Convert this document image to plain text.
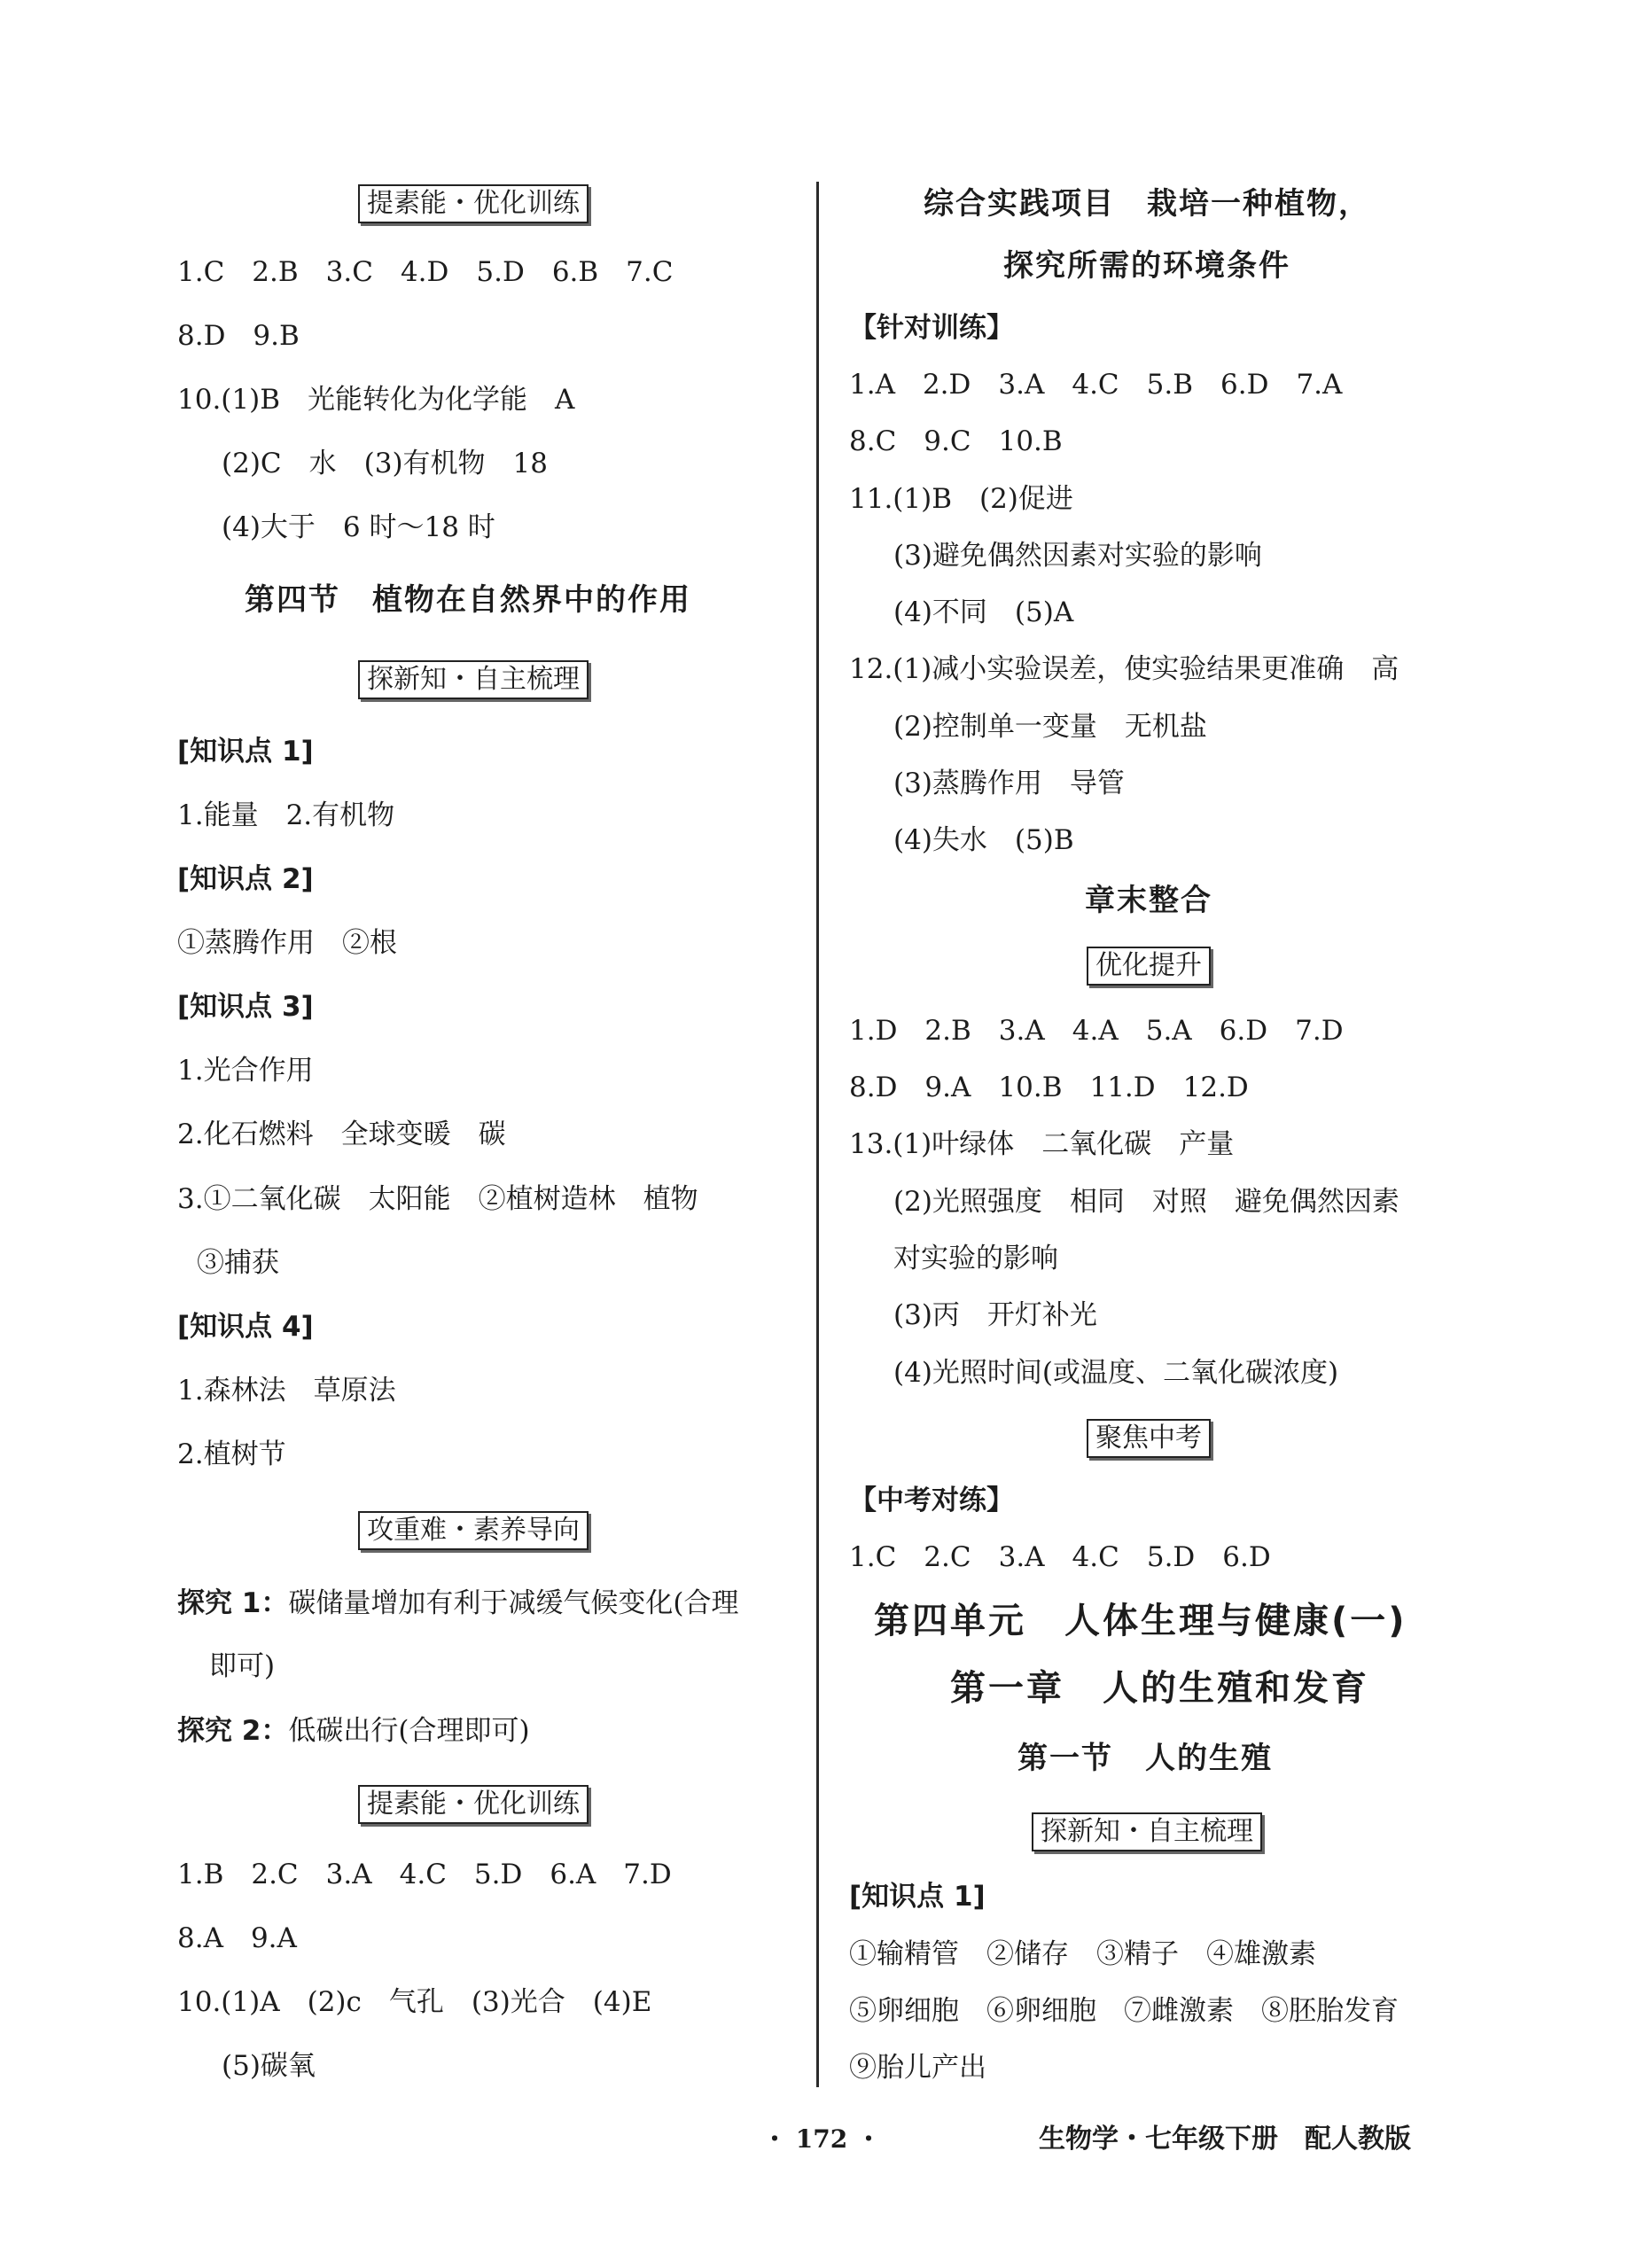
提素能・优化训练
1.C　2.B　3.C　4.D　5.D　6.B　7.C
8.D　9.B
10.(1)B　光能转化为化学能　A
(2)C　水　(3)有机物　18
(4)大于　6 时～18 时
第四节　植物在自然界中的作用
探新知・自主梳理
[知识点 1]
1.能量　2.有机物
[知识点 2]
①蒸腾作用　②根
[知识点 3]
1.光合作用
2.化石燃料　全球变暖　碳
3.①二氧化碳　太阳能　②植树造林　植物
③捕获
[知识点 4]
1.森林法　草原法
2.植树节
攻重难・素养导向
探究 1：碳储量增加有利于减缓气候变化(合理
即可)
探究 2：低碳出行(合理即可)
提素能・优化训练
1.B　2.C　3.A　4.C　5.D　6.A　7.D
8.A　9.A
10.(1)A　(2)c　气孔　(3)光合　(4)E
(5)碳氧
综合实践项目　栽培一种植物，
探究所需的环境条件
【针对训练】
1.A　2.D　3.A　4.C　5.B　6.D　7.A
8.C　9.C　10.B
11.(1)B　(2)促进
(3)避免偶然因素对实验的影响
(4)不同　(5)A
12.(1)减小实验误差，使实验结果更准确　高
(2)控制单一变量　无机盐
(3)蒸腾作用　导管
(4)失水　(5)B
章末整合
优化提升
1.D　2.B　3.A　4.A　5.A　6.D　7.D
8.D　9.A　10.B　11.D　12.D
13.(1)叶绿体　二氧化碳　产量
(2)光照强度　相同　对照　避免偶然因素
对实验的影响
(3)丙　开灯补光
(4)光照时间(或温度、二氧化碳浓度)
聚焦中考
【中考对练】
1.C　2.C　3.A　4.C　5.D　6.D
第四单元　人体生理与健康(一)
第一章　人的生殖和发育
第一节　人的生殖
探新知・自主梳理
[知识点 1]
①输精管　②储存　③精子　④雄激素
⑤卵细胞　⑥卵细胞　⑦雌激素　⑧胚胎发育
⑨胎儿产出
・ 172 ・	生物学・七年级下册　配人教版
